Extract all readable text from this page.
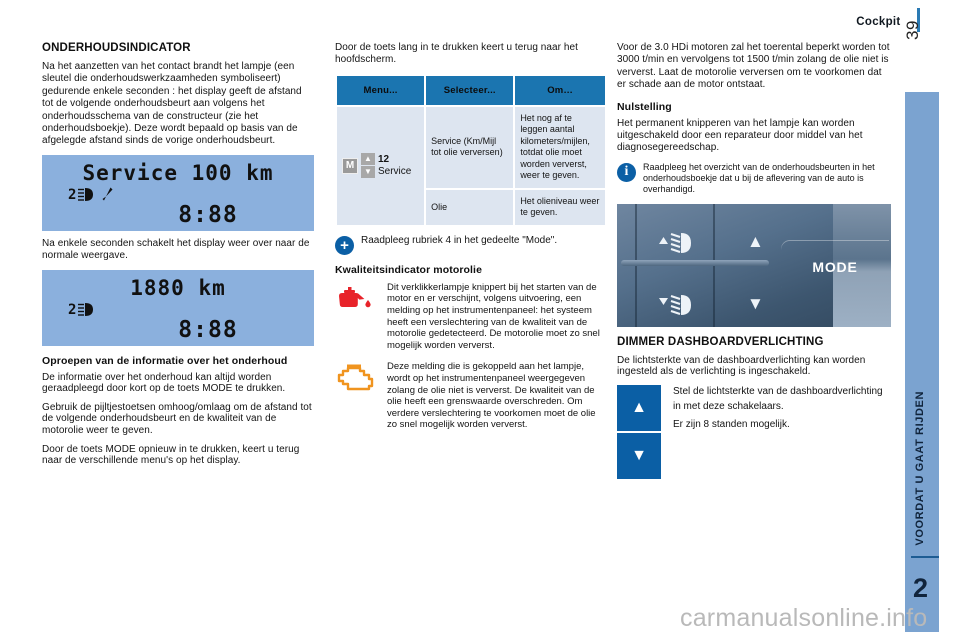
Cockpit 39
VOORDAT U GAAT RIJDEN
2
ONDERHOUDSINDICATOR

Na het aanzetten van het contact brandt het lampje (een sleutel die onderhoudswerkzaamheden symboliseert) gedurende enkele seconden : het display geeft de afstand tot de volgende onderhoudsbeurt aan volgens het onderhoudsschema van de constructeur (zie het onderhoudsboekje). Deze wordt bepaald op basis van de afgelegde afstand sinds de vorige onderhoudsbeurt.

Service 100 km
2
8:88

Na enkele seconden schakelt het display weer over naar de normale weergave.

1880 km
2
8:88
Oproepen van de informatie over het onderhoud

De informatie over het onderhoud kan altijd worden geraadpleegd door kort op de toets MODE te drukken.

Gebruik de pijltjestoetsen omhoog/omlaag om de afstand tot de volgende onderhoudsbeurt en de kwaliteit van de motorolie weer te geven.

Door de toets MODE opnieuw in te drukken, keert u terug naar de verschillende menu's op het display.

Door de toets lang in te drukken keert u terug naar het hoofdscherm.

Menu...	Selecteer...	Om…

M
▲
▼
12
Service	Service (Km/Mijl tot olie verversen)	Het nog af te leggen aantal kilometers/mijlen, totdat olie moet worden ververst, weer te geven.
	Olie	Het olieniveau weer te geven.
+	Raadpleeg rubriek 4 in het gedeelte "Mode".
Kwaliteitsindicator motorolie
Dit verklikkerlampje knippert bij het starten van de motor en er verschijnt, volgens uitvoering, een melding op het instrumentenpaneel: het systeem heeft een verslechtering van de kwaliteit van de motorolie gedetecteerd. De motorolie moet zo snel mogelijk worden ververst.
Deze melding die is gekoppeld aan het lampje, wordt op het instrumentenpaneel weergegeven zolang de olie niet is ververst. De kwaliteit van de olie heeft een grenswaarde overschreden. Om verdere verslechtering te voorkomen moet de olie zo snel mogelijk worden ververst.

Voor de 3.0 HDi motoren zal het toerental beperkt worden tot 3000 t/min en vervolgens tot 1500 t/min zolang de olie niet is ververst. Laat de motorolie verversen om te voorkomen dat er schade aan de motor ontstaat.

Nulstelling

Het permanent knipperen van het lampje kan worden uitgeschakeld door een reparateur door middel van het diagnosegereedschap.

i	Raadpleeg het overzicht van de onderhoudsbeurten in het onderhoudsboekje dat u bij de aflevering van de auto is overhandigd.
▲
▼
MODE
DIMMER DASHBOARDVERLICHTING

De lichtsterkte van de dashboardverlichting kan worden ingesteld als de verlichting is ingeschakeld.

▲
▼

Stel de lichtsterkte van de dashboardverlichting in met deze schakelaars.

Er zijn 8 standen mogelijk.

carmanualsonline.info
